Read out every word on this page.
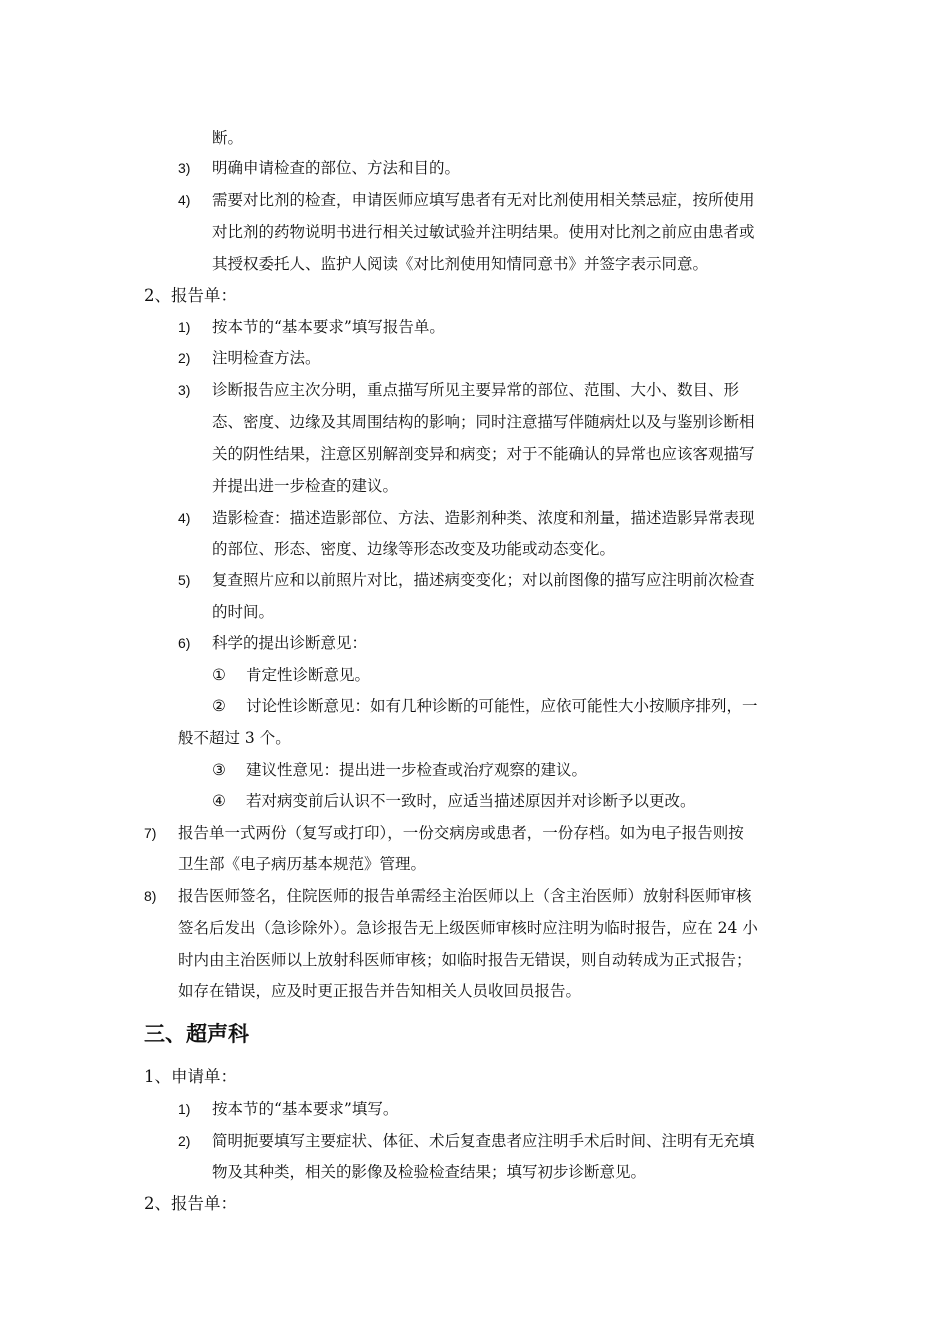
断。
3) 明确申请检查的部位、方法和目的。
4) 需要对比剂的检查，申请医师应填写患者有无对比剂使用相关禁忌症，按所使用
对比剂的药物说明书进行相关过敏试验并注明结果。使用对比剂之前应由患者或
其授权委托人、监护人阅读《对比剂使用知情同意书》并签字表示同意。
2、报告单：
1) 按本节的“基本要求”填写报告单。
2) 注明检查方法。
3) 诊断报告应主次分明，重点描写所见主要异常的部位、范围、大小、数目、形
态、密度、边缘及其周围结构的影响；同时注意描写伴随病灶以及与鉴别诊断相
关的阴性结果，注意区别解剖变异和病变；对于不能确认的异常也应该客观描写
并提出进一步检查的建议。
4) 造影检查：描述造影部位、方法、造影剂种类、浓度和剂量，描述造影异常表现
的部位、形态、密度、边缘等形态改变及功能或动态变化。
5) 复查照片应和以前照片对比，描述病变变化；对以前图像的描写应注明前次检查
的时间。
6) 科学的提出诊断意见：
① 肯定性诊断意见。
② 讨论性诊断意见：如有几种诊断的可能性，应依可能性大小按顺序排列，一
般不超过 3 个。
③ 建议性意见：提出进一步检查或治疗观察的建议。
④ 若对病变前后认识不一致时，应适当描述原因并对诊断予以更改。
7) 报告单一式两份（复写或打印），一份交病房或患者，一份存档。如为电子报告则按
卫生部《电子病历基本规范》管理。
8) 报告医师签名，住院医师的报告单需经主治医师以上（含主治医师）放射科医师审核
签名后发出（急诊除外）。急诊报告无上级医师审核时应注明为临时报告，应在 24 小
时内由主治医师以上放射科医师审核；如临时报告无错误，则自动转成为正式报告；
如存在错误，应及时更正报告并告知相关人员收回员报告。
三、超声科
1、申请单：
1) 按本节的“基本要求”填写。
2) 简明扼要填写主要症状、体征、术后复查患者应注明手术后时间、注明有无充填
物及其种类，相关的影像及检验检查结果；填写初步诊断意见。
2、报告单：
